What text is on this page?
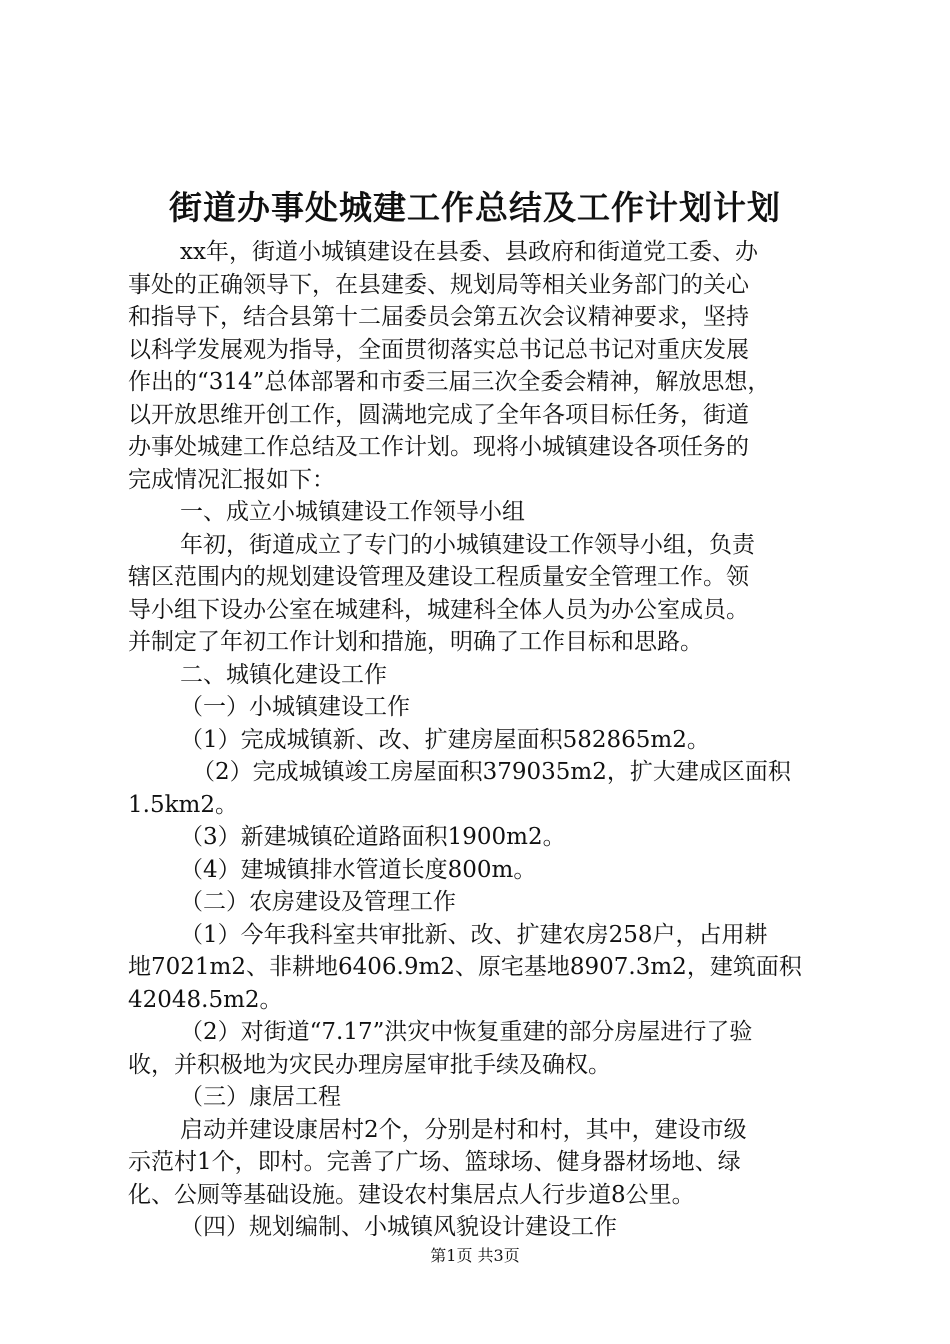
街道办事处城建工作总结及工作计划计划
xx年，街道小城镇建设在县委、县政府和街道党工委、办
事处的正确领导下，在县建委、规划局等相关业务部门的关心
和指导下，结合县第十二届委员会第五次会议精神要求，坚持
以科学发展观为指导，全面贯彻落实总书记总书记对重庆发展
作出的“314”总体部署和市委三届三次全委会精神，解放思想，
以开放思维开创工作，圆满地完成了全年各项目标任务，街道
办事处城建工作总结及工作计划。现将小城镇建设各项任务的
完成情况汇报如下：
一、成立小城镇建设工作领导小组
年初，街道成立了专门的小城镇建设工作领导小组，负责
辖区范围内的规划建设管理及建设工程质量安全管理工作。领
导小组下设办公室在城建科，城建科全体人员为办公室成员。
并制定了年初工作计划和措施，明确了工作目标和思路。
二、城镇化建设工作
（一）小城镇建设工作
（1）完成城镇新、改、扩建房屋面积582865m2。
（2）完成城镇竣工房屋面积379035m2，扩大建成区面积
1.5km2。
（3）新建城镇砼道路面积1900m2。
（4）建城镇排水管道长度800m。
（二）农房建设及管理工作
（1）今年我科室共审批新、改、扩建农房258户，占用耕
地7021m2、非耕地6406.9m2、原宅基地8907.3m2，建筑面积
42048.5m2。
（2）对街道“7.17”洪灾中恢复重建的部分房屋进行了验
收，并积极地为灾民办理房屋审批手续及确权。
（三）康居工程
启动并建设康居村2个，分别是村和村，其中，建设市级
示范村1个，即村。完善了广场、篮球场、健身器材场地、绿
化、公厕等基础设施。建设农村集居点人行步道8公里。
（四）规划编制、小城镇风貌设计建设工作
第1页 共3页
